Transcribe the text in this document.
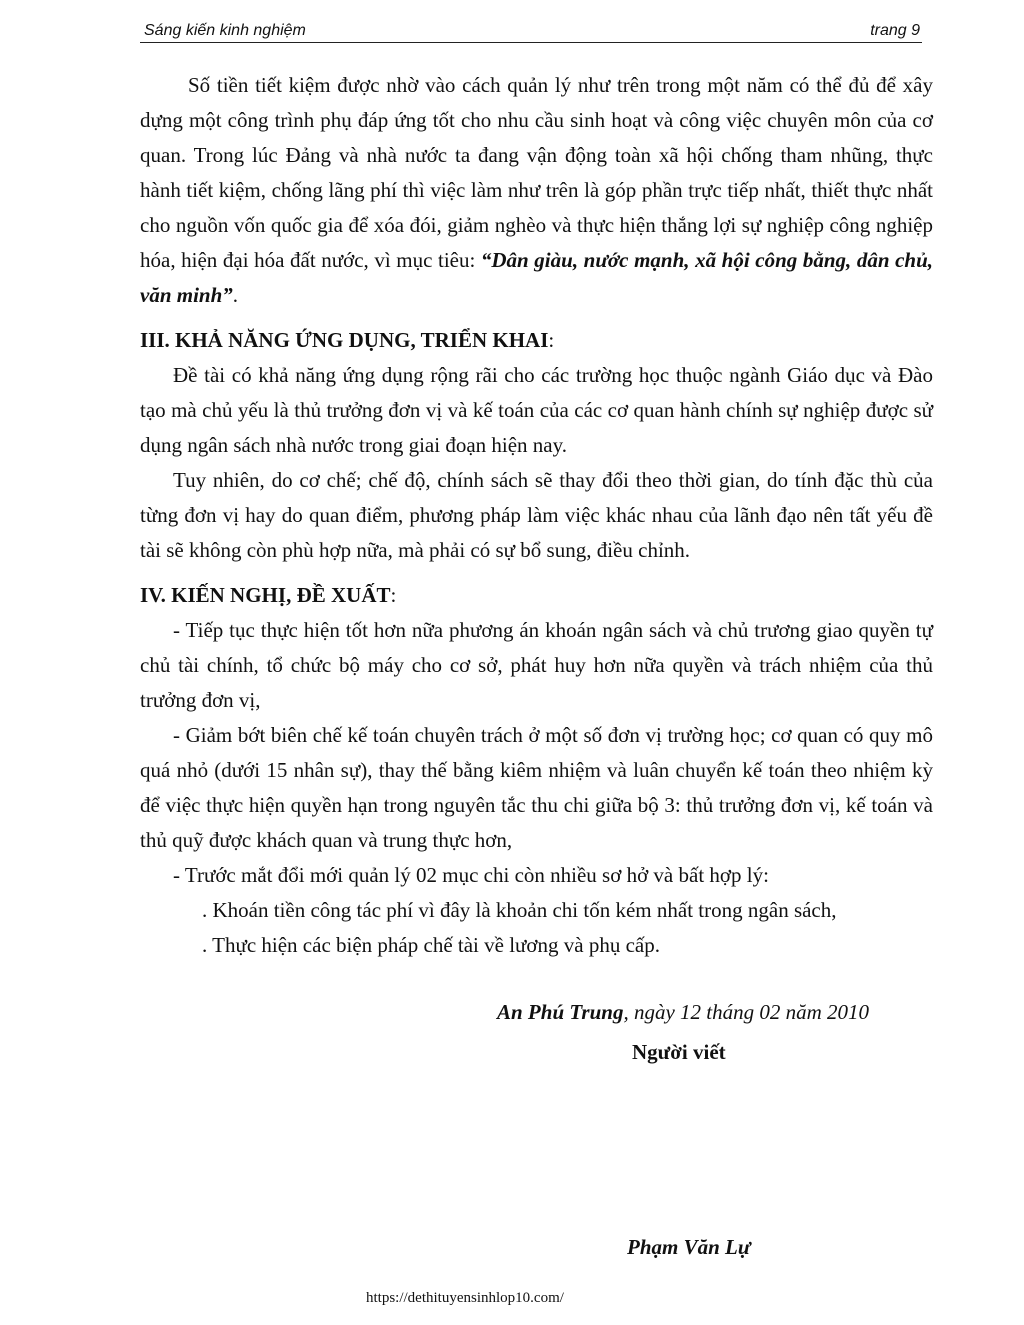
Sáng kiến kinh nghiệm	trang 9

Số tiền tiết kiệm được nhờ vào cách quản lý như trên trong một năm có thể đủ để xây dựng một công trình phụ đáp ứng tốt cho nhu cầu sinh hoạt và công việc chuyên môn của cơ quan. Trong lúc Đảng và nhà nước ta đang vận động toàn xã hội chống tham nhũng, thực hành tiết kiệm, chống lãng phí thì việc làm như trên là góp phần trực tiếp nhất, thiết thực nhất cho nguồn vốn quốc gia để xóa đói, giảm nghèo và thực hiện thắng lợi sự nghiệp công nghiệp hóa, hiện đại hóa đất nước, vì mục tiêu: “Dân giàu, nước mạnh, xã hội công bằng, dân chủ, văn minh”.

III. KHẢ NĂNG ỨNG DỤNG, TRIỂN KHAI:

Đề tài có khả năng ứng dụng rộng rãi cho các trường học thuộc ngành Giáo dục và Đào tạo mà chủ yếu là thủ trưởng đơn vị và kế toán của các cơ quan hành chính sự nghiệp được sử dụng ngân sách nhà nước trong giai đoạn hiện nay.

Tuy nhiên, do cơ chế; chế độ, chính sách sẽ thay đổi theo thời gian, do tính đặc thù của từng đơn vị hay do quan điểm, phương pháp làm việc khác nhau của lãnh đạo nên tất yếu đề tài sẽ không còn phù hợp nữa, mà phải có sự bổ sung, điều chỉnh.

IV. KIẾN NGHỊ, ĐỀ XUẤT:

- Tiếp tục thực hiện tốt hơn nữa phương án khoán ngân sách và chủ trương giao quyền tự chủ tài chính, tổ chức bộ máy cho cơ sở, phát huy hơn nữa quyền và trách nhiệm của thủ trưởng đơn vị,

- Giảm bớt biên chế kế toán chuyên trách ở một số đơn vị trường học; cơ quan có quy mô quá nhỏ (dưới 15 nhân sự), thay thế bằng kiêm nhiệm và luân chuyển kế toán theo nhiệm kỳ để việc thực hiện quyền hạn trong nguyên tắc thu chi giữa bộ 3: thủ trưởng đơn vị, kế toán và thủ quỹ được khách quan và trung thực hơn,

- Trước mắt đổi mới quản lý 02 mục chi còn nhiều sơ hở và bất hợp lý:

. Khoán tiền công tác phí vì đây là khoản chi tốn kém nhất trong ngân sách,

. Thực hiện các biện pháp chế tài về lương và phụ cấp.

An Phú Trung, ngày 12 tháng 02 năm 2010
Người viết
Phạm Văn Lự
https://dethituyensinhlop10.com/
